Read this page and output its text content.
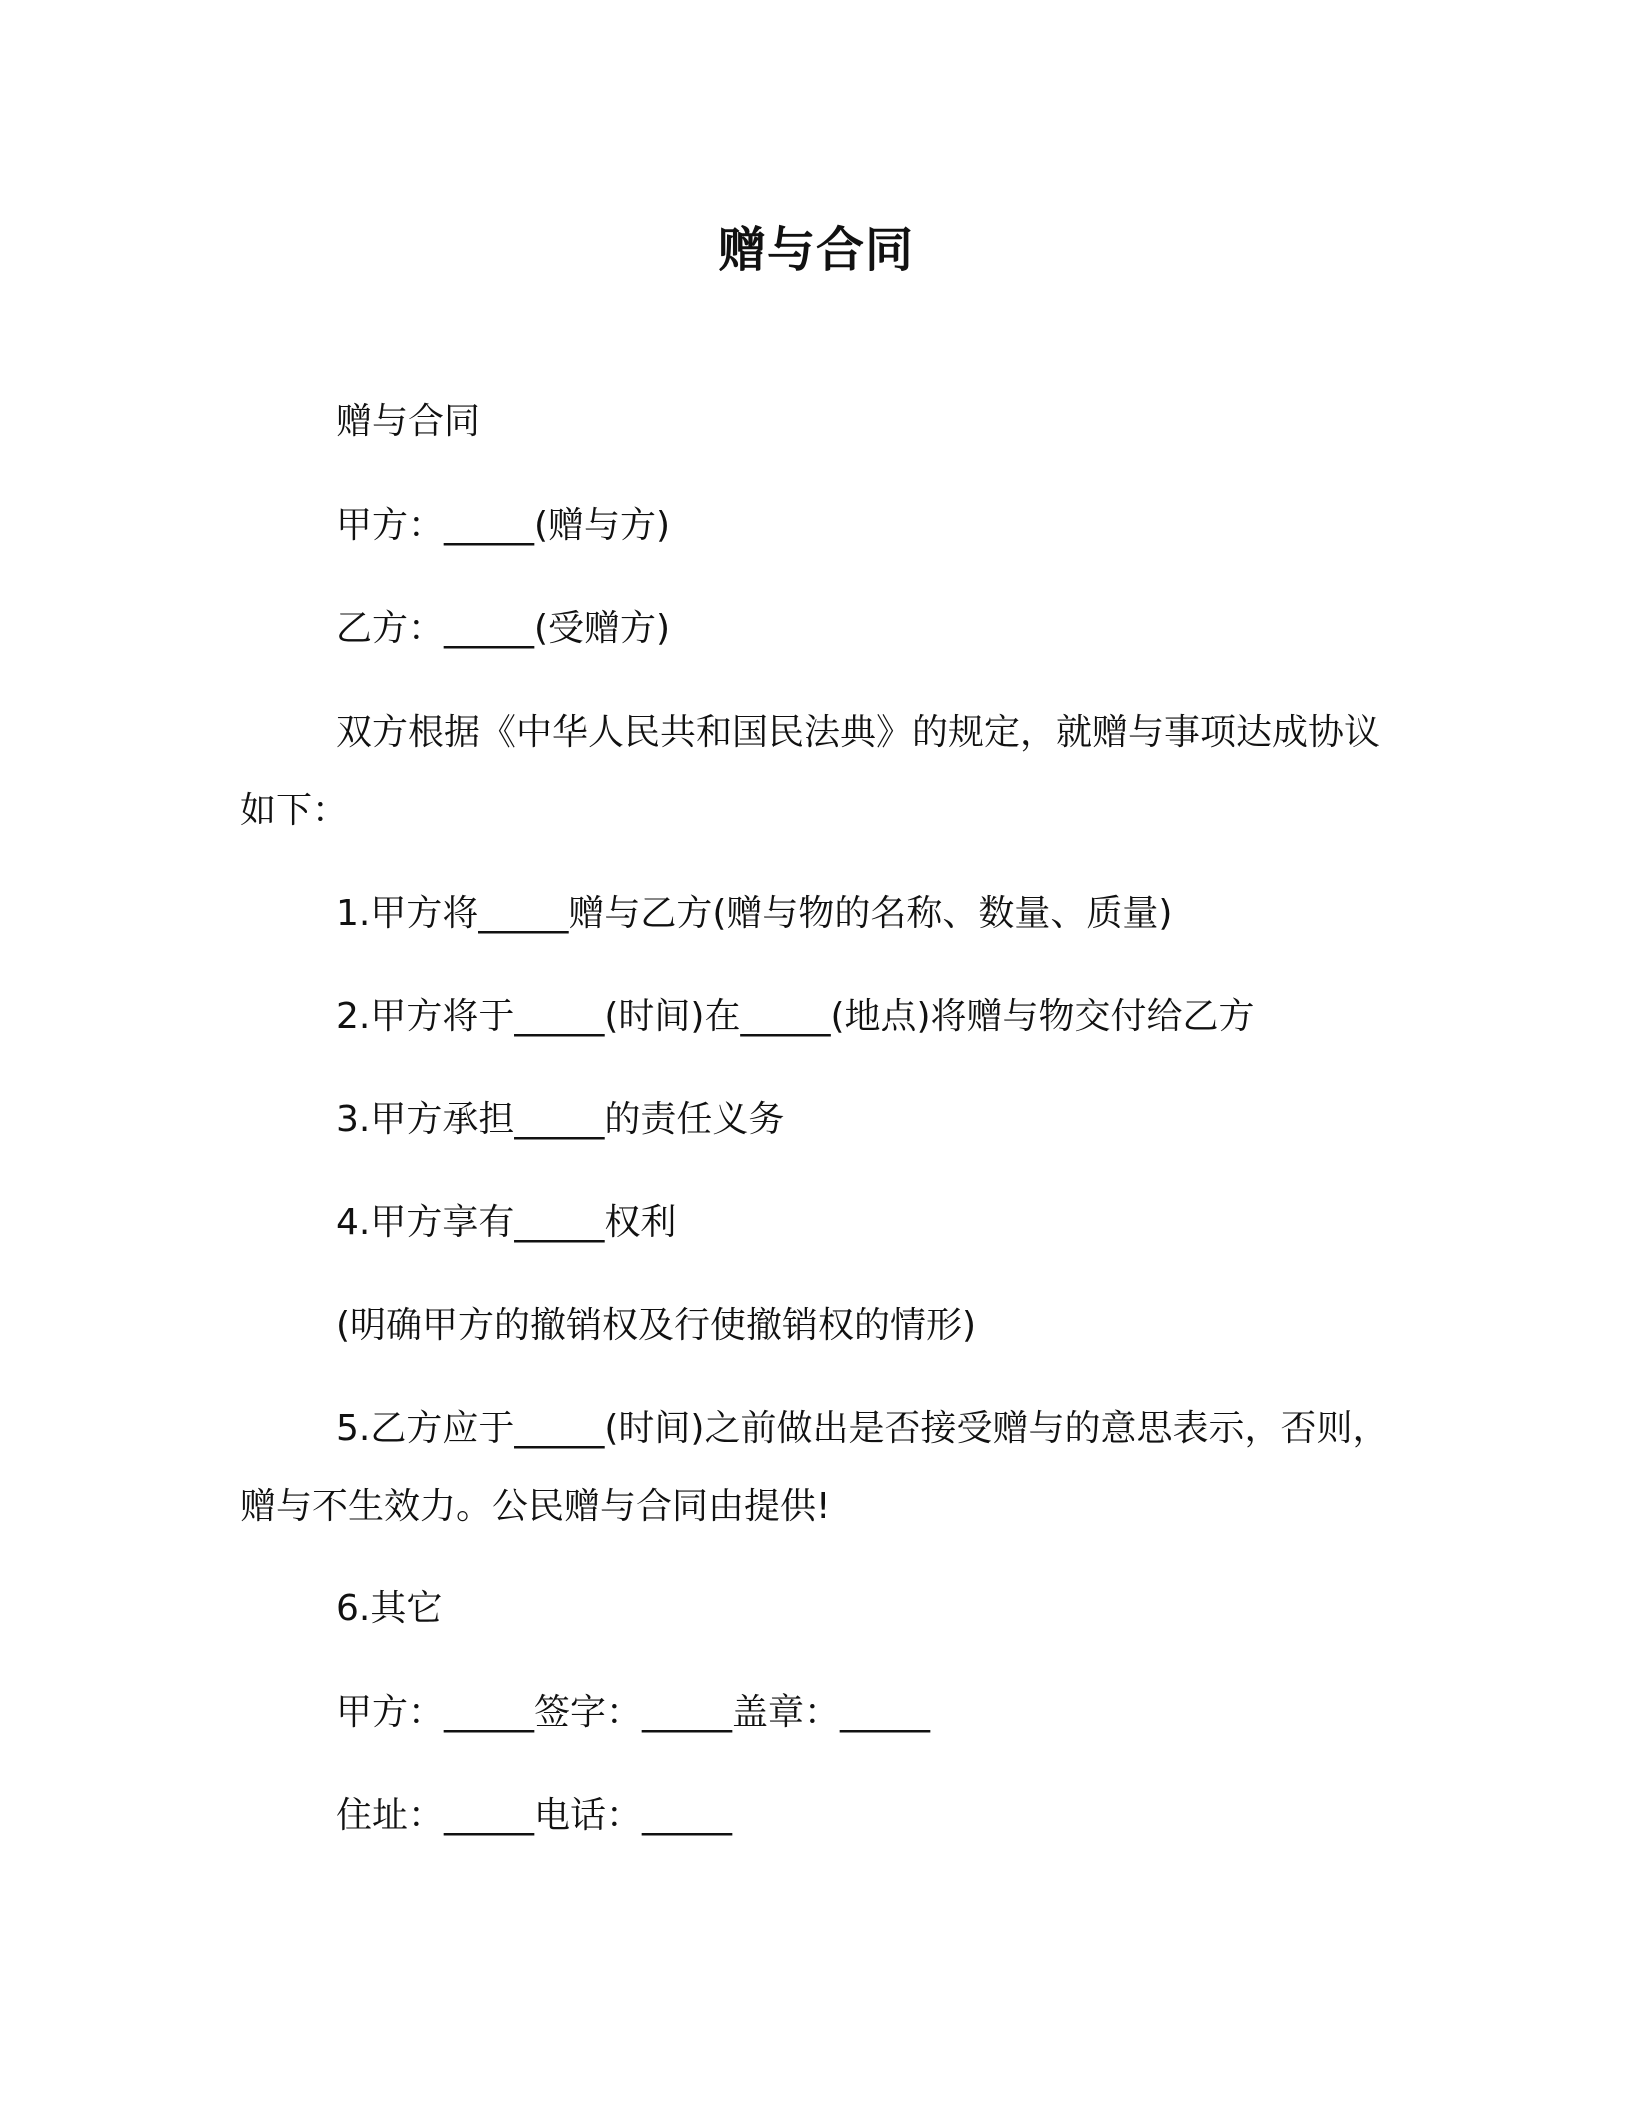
赠与合同
赠与合同
甲方：_____(赠与方)
乙方：_____(受赠方)
双方根据《中华人民共和国民法典》的规定，就赠与事项达成协议如下：
1.甲方将_____赠与乙方(赠与物的名称、数量、质量)
2.甲方将于_____(时间)在_____(地点)将赠与物交付给乙方
3.甲方承担_____的责任义务
4.甲方享有_____权利
(明确甲方的撤销权及行使撤销权的情形)
5.乙方应于_____(时间)之前做出是否接受赠与的意思表示，否则，赠与不生效力。公民赠与合同由提供!
6.其它
甲方：_____签字：_____盖章：_____
住址：_____电话：_____
